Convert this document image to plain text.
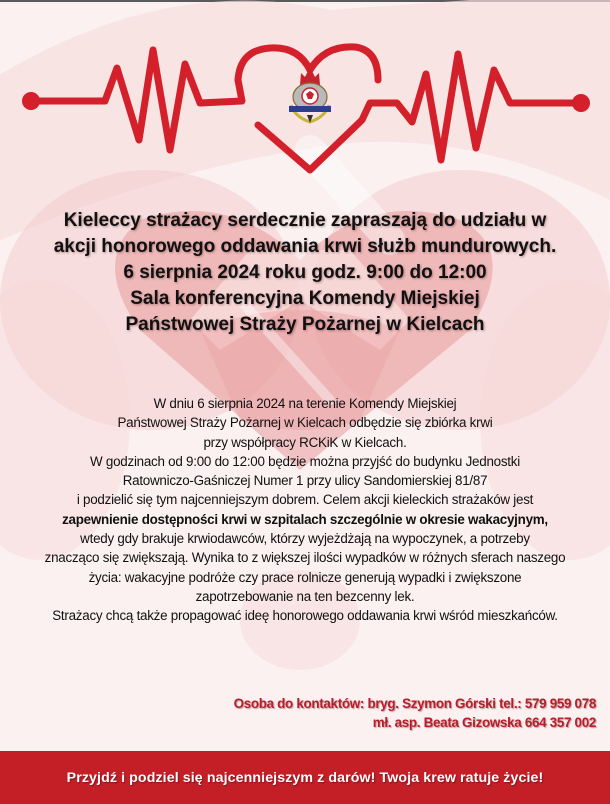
Kieleccy strażacy serdecznie zapraszają do udziału w
akcji honorowego oddawania krwi służb mundurowych.
6 sierpnia 2024 roku godz. 9:00 do 12:00
Sala konferencyjna Komendy Miejskiej
Państwowej Straży Pożarnej w Kielcach
W dniu 6 sierpnia 2024 na terenie Komendy Miejskiej
Państwowej Straży Pożarnej w Kielcach odbędzie się zbiórka krwi
przy współpracy RCKiK w Kielcach.
W godzinach od 9:00 do 12:00 będzie można przyjść do budynku Jednostki
Ratowniczo-Gaśniczej Numer 1 przy ulicy Sandomierskiej 81/87
i podzielić się tym najcenniejszym dobrem. Celem akcji kieleckich strażaków jest
zapewnienie dostępności krwi w szpitalach szczególnie w okresie wakacyjnym,
wtedy gdy brakuje krwiodawców, którzy wyjeżdżają na wypoczynek, a potrzeby
znacząco się zwiększają. Wynika to z większej ilości wypadków w różnych sferach naszego
życia: wakacyjne podróże czy prace rolnicze generują wypadki i zwiększone
zapotrzebowanie na ten bezcenny lek.
Strażacy chcą także propagować ideę honorowego oddawania krwi wśród mieszkańców.
Osoba do kontaktów: bryg. Szymon Górski tel.: 579 959 078
mł. asp. Beata Gizowska 664 357 002
Przyjdź i podziel się najcenniejszym z darów! Twoja krew ratuje życie!
